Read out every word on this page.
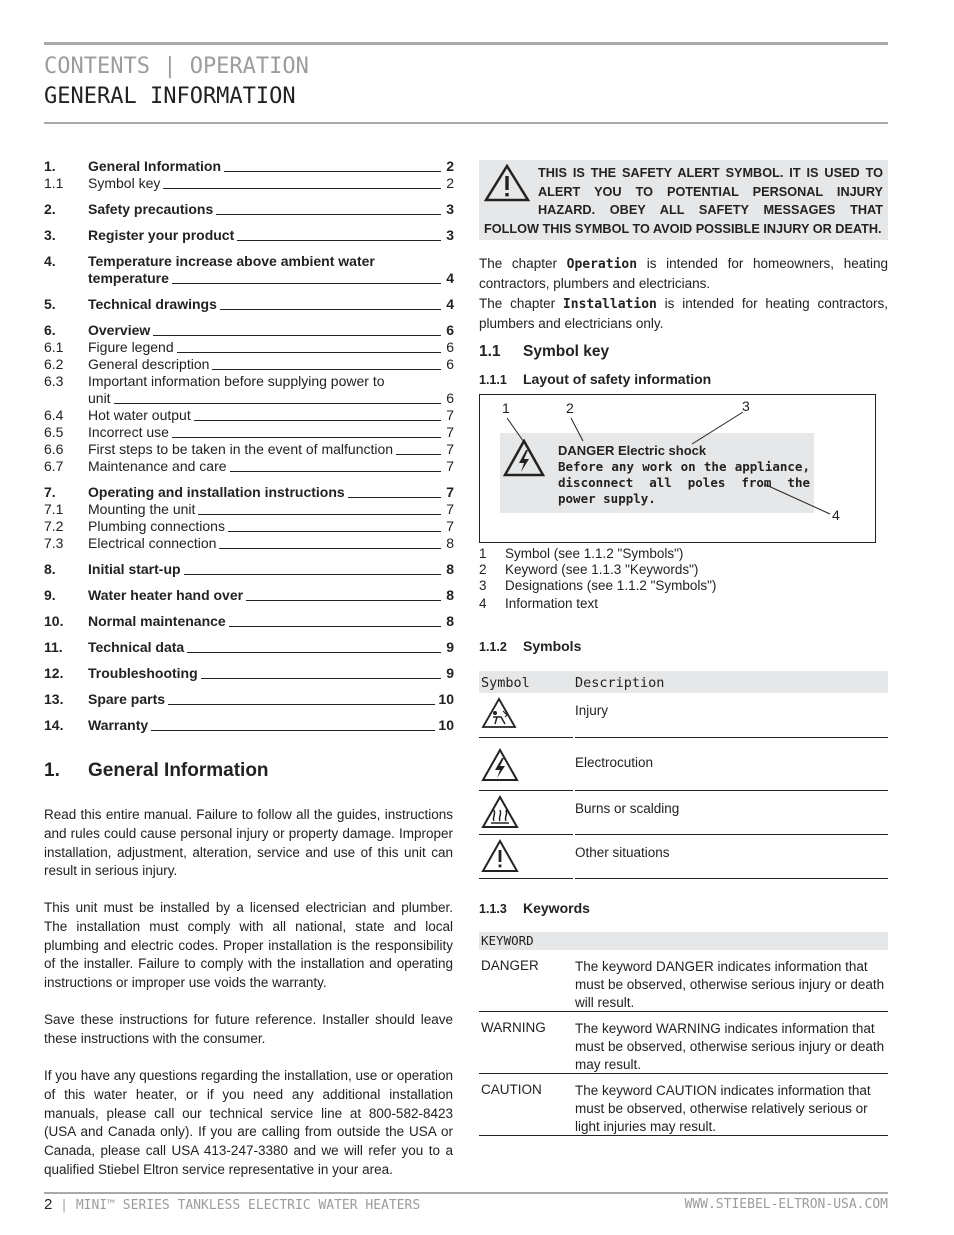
CONTENTS | OPERATION
GENERAL INFORMATION
1.	General Information	2
1.1	Symbol key	2
2.	Safety precautions	3
3.	Register your product	3
4.	Temperature increase above ambient water
temperature	4
5.	Technical drawings	4
6.	Overview	6
6.1	Figure legend	6
6.2	General description	6
6.3	Important information before supplying power to
unit	6
6.4	Hot water output	7
6.5	Incorrect use	7
6.6	First steps to be taken in the event of malfunction	7
6.7	Maintenance and care	7
7.	Operating and installation instructions	7
7.1	Mounting the unit	7
7.2	Plumbing connections	7
7.3	Electrical connection	8
8.	Initial start-up	8
9.	Water heater hand over	8
10.	Normal maintenance	8
11.	Technical data	9
12.	Troubleshooting	9
13.	Spare parts	10
14.	Warranty	10
1. General Information

Read this entire manual. Failure to follow all the guides, instructions and rules could cause personal injury or property damage. Improper installation, adjustment, alteration, service and use of this unit can result in serious injury.

This unit must be installed by a licensed electrician and plumber. The installation must comply with all national, state and local plumbing and electric codes. Proper installation is the responsibility of the installer. Failure to comply with the installation and operating instructions or improper use voids the warranty.

Save these instructions for future reference. Installer should leave these instructions with the consumer.

If you have any questions regarding the installation, use or operation of this water heater, or if you need any additional installation manuals, please call our technical service line at 800-582-8423 (USA and Canada only). If you are calling from outside the USA or Canada, please call USA 413-247-3380 and we will refer you to a qualified Stiebel Eltron service representative in your area.

THIS IS THE SAFETY ALERT SYMBOL. IT IS USED TO ALERT YOU TO POTENTIAL PERSONAL INJURY HAZARD. OBEY ALL SAFETY MESSAGES THAT FOLLOW THIS SYMBOL TO AVOID POSSIBLE INJURY OR DEATH.

The chapter Operation is intended for homeowners, heating contractors, plumbers and electricians.

The chapter Installation is intended for heating contractors, plumbers and electricians only.

1.1 Symbol key
1.1.1 Layout of safety information
1	2	3
4
DANGER Electric shock
Before any work on the appliance, disconnect all poles from the power supply.
1 Symbol (see 1.1.2 "Symbols")
2 Keyword (see 1.1.3 "Keywords")
3 Designations (see 1.1.2 "Symbols")
4 Information text
1.1.2 Symbols
Symbol	Description
Injury
Electrocution
Burns or scalding
Other situations
1.1.3 Keywords
KEYWORD
DANGER	The keyword DANGER indicates information that must be observed, otherwise serious injury or death will result.
WARNING	The keyword WARNING indicates information that must be observed, otherwise serious injury or death may result.
CAUTION	The keyword CAUTION indicates information that must be observed, otherwise relatively serious or light injuries may result.
2 | MINI™ SERIES TANKLESS ELECTRIC WATER HEATERS	WWW.STIEBEL-ELTRON-USA.COM
